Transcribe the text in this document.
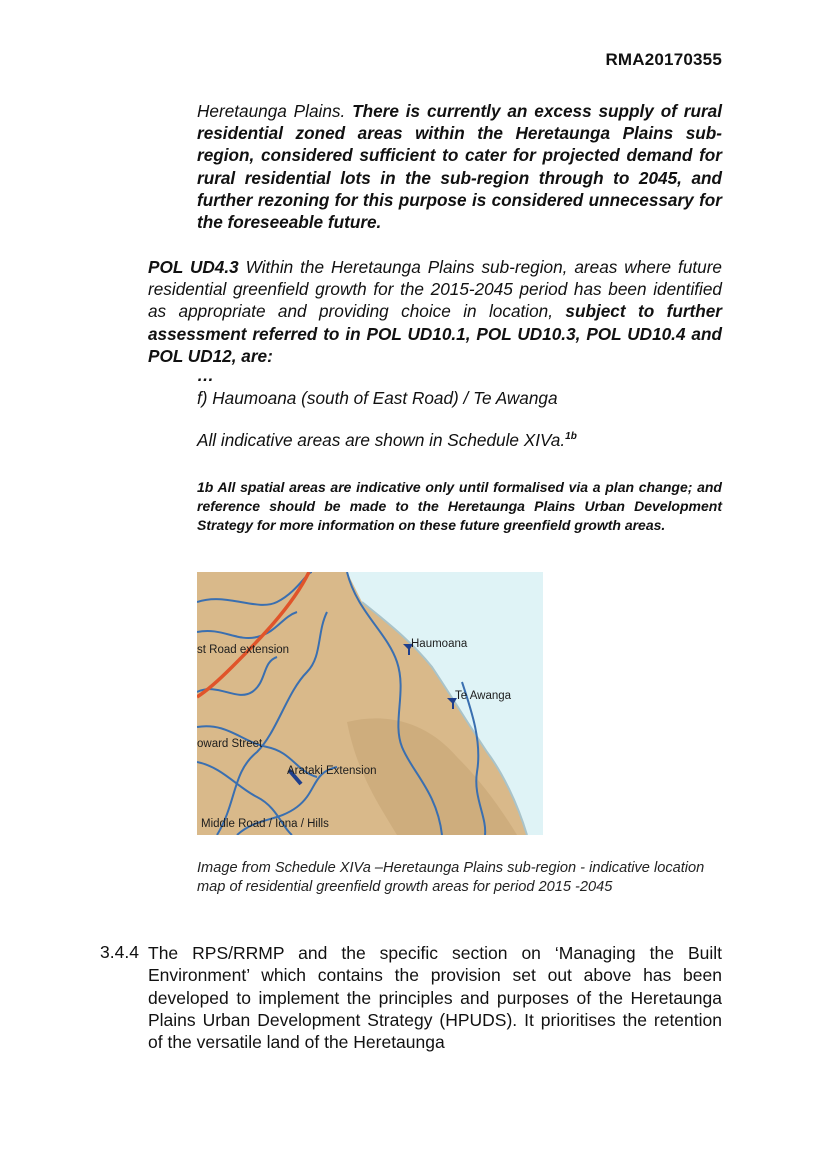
RMA20170355
Heretaunga Plains. There is currently an excess supply of rural residential zoned areas within the Heretaunga Plains sub-region, considered sufficient to cater for projected demand for rural residential lots in the sub-region through to 2045, and further rezoning for this purpose is considered unnecessary for the foreseeable future.
POL UD4.3 Within the Heretaunga Plains sub-region, areas where future residential greenfield growth for the 2015-2045 period has been identified as appropriate and providing choice in location, subject to further assessment referred to in POL UD10.1, POL UD10.3, POL UD10.4 and POL UD12, are:
…
f) Haumoana (south of East Road) / Te Awanga
All indicative areas are shown in Schedule XIVa.$^{1b}$
1b All spatial areas are indicative only until formalised via a plan change; and reference should be made to the Heretaunga Plains Urban Development Strategy for more information on these future greenfield growth areas.
st Road extension	Haumoana
Te Awanga
oward Street
Arataki Extension
Middle Road / Iona / Hills
Image from Schedule XIVa –Heretaunga Plains sub-region - indicative location map of residential greenfield growth areas for period 2015 -2045
3.4.4 The RPS/RRMP and the specific section on ‘Managing the Built Environment’ which contains the provision set out above has been developed to implement the principles and purposes of the Heretaunga Plains Urban Development Strategy (HPUDS). It prioritises the retention of the versatile land of the Heretaunga
